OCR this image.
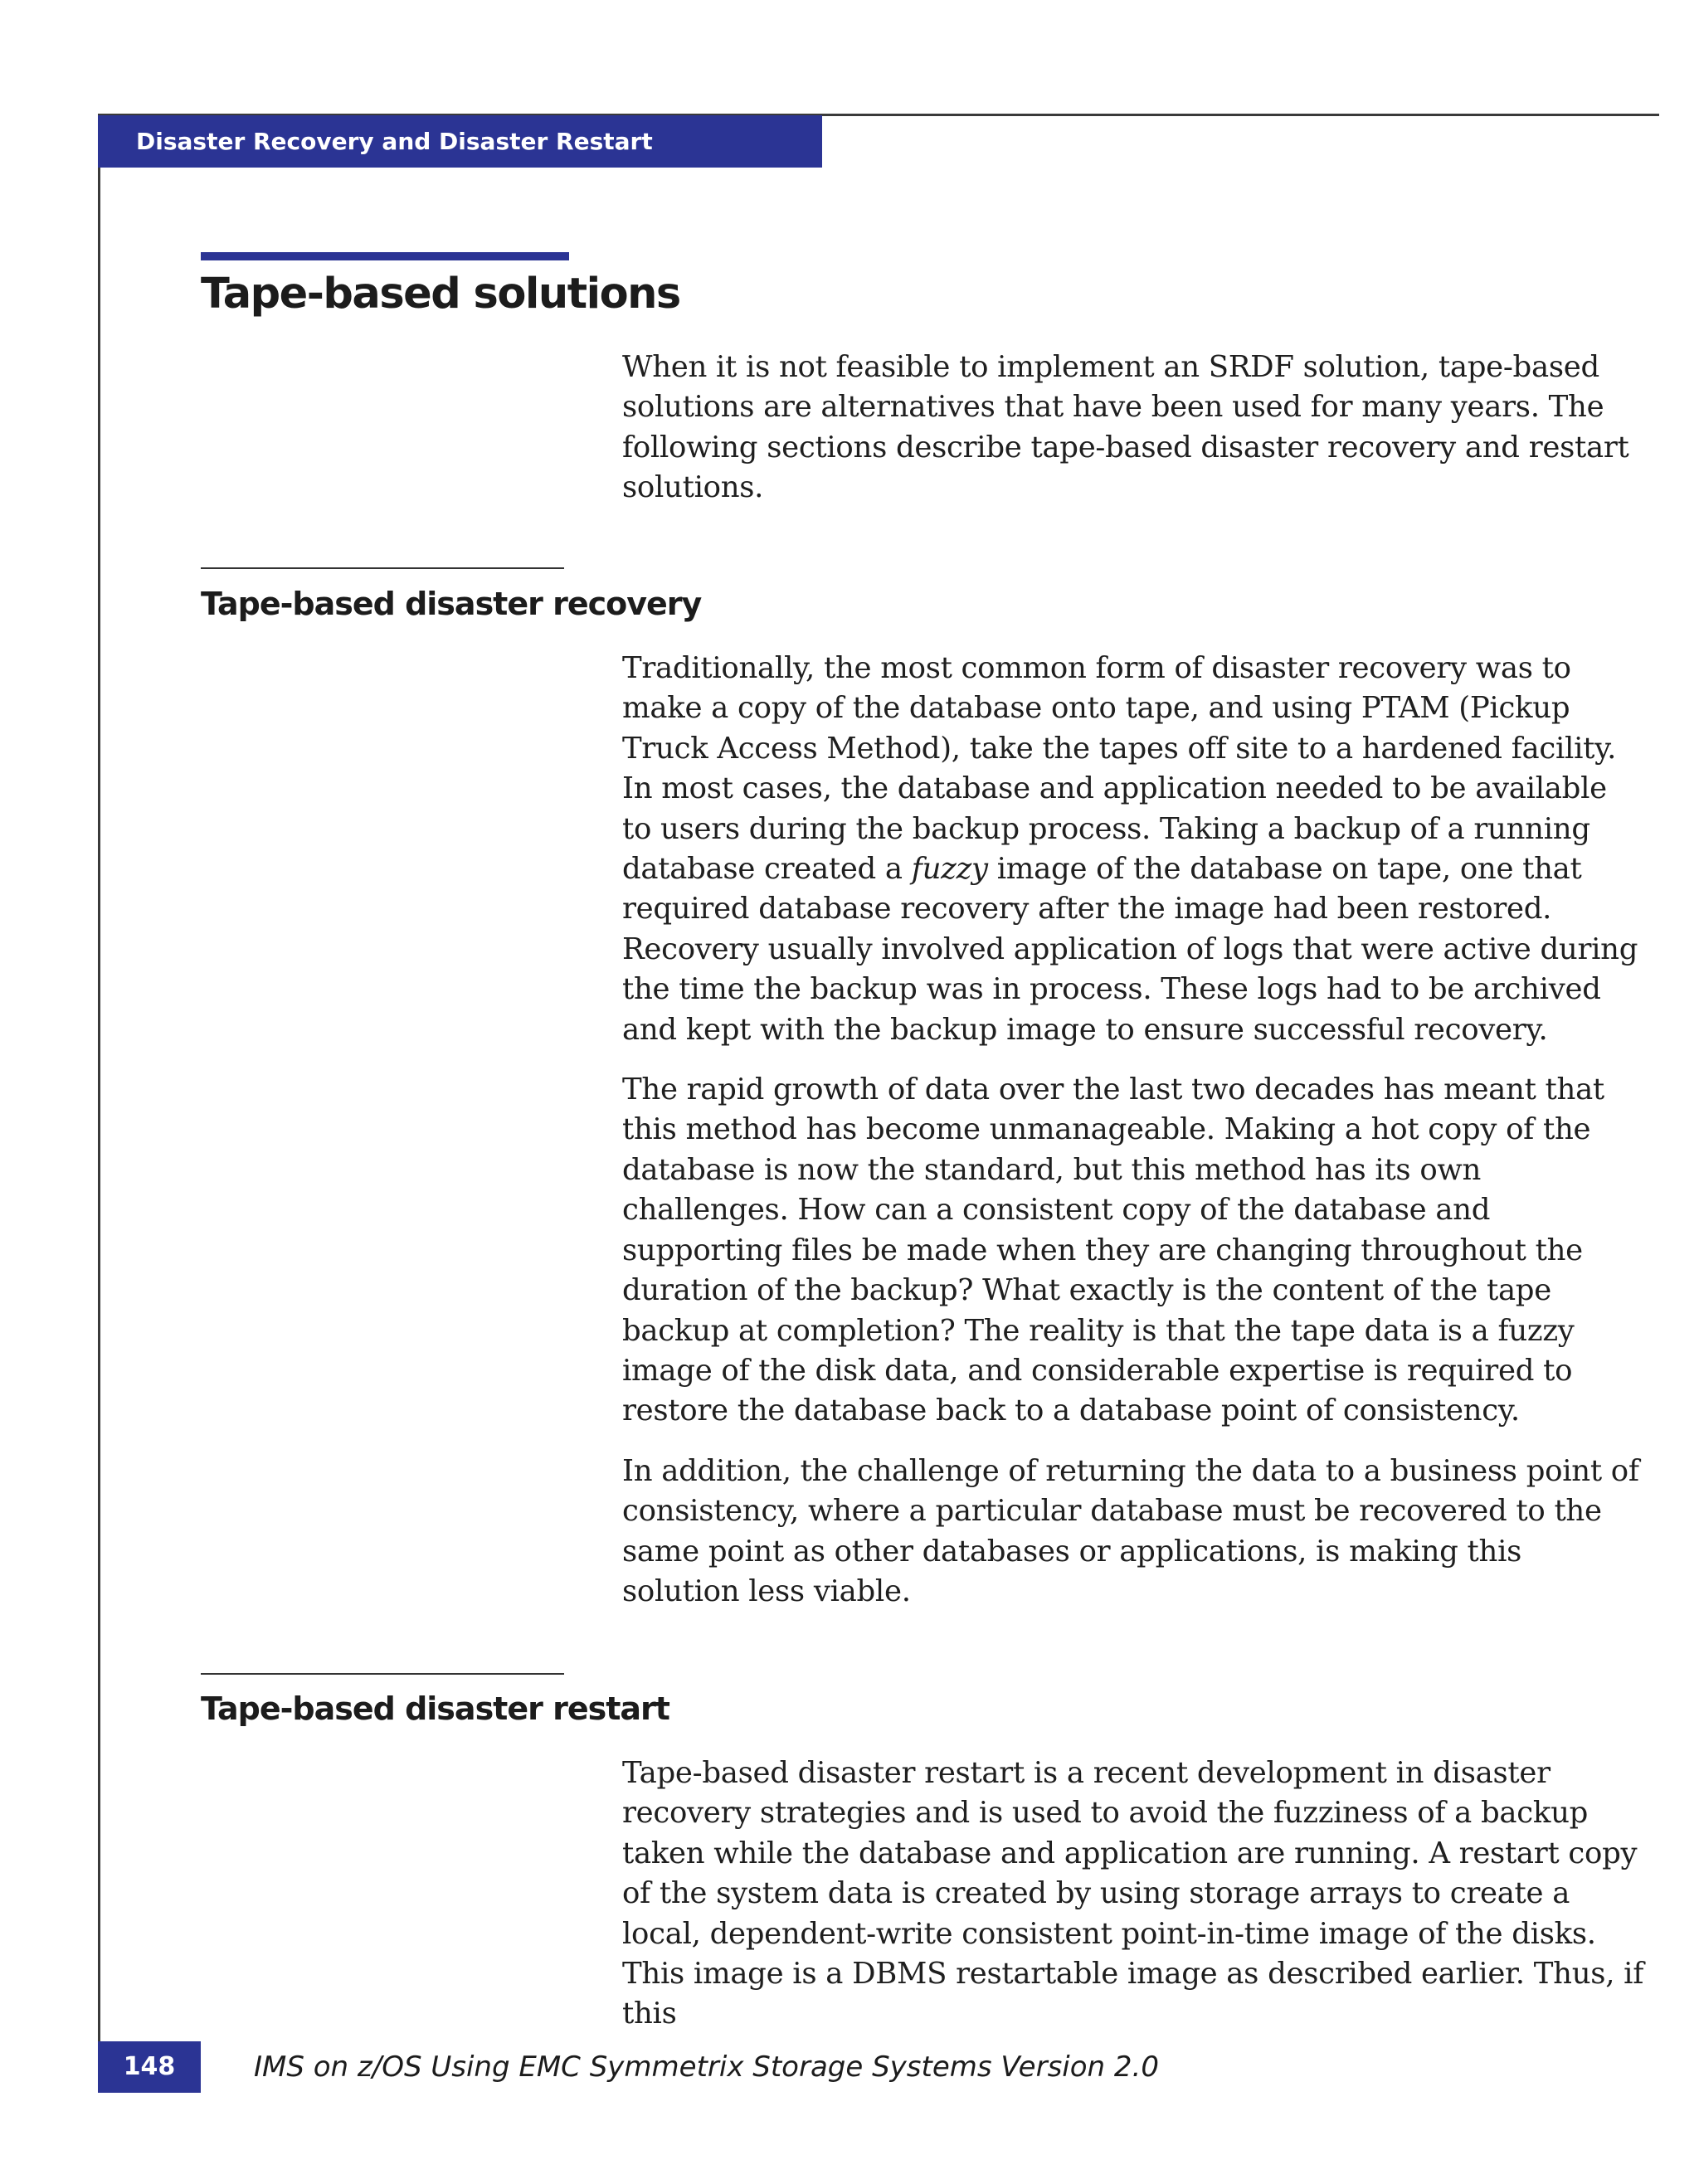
Disaster Recovery and Disaster Restart
Tape-based solutions

When it is not feasible to implement an SRDF solution, tape-based solutions are alternatives that have been used for many years. The following sections describe tape-based disaster recovery and restart solutions.

Tape-based disaster recovery

Traditionally, the most common form of disaster recovery was to make a copy of the database onto tape, and using PTAM (Pickup Truck Access Method), take the tapes off site to a hardened facility. In most cases, the database and application needed to be available to users during the backup process. Taking a backup of a running database created a fuzzy image of the database on tape, one that required database recovery after the image had been restored. Recovery usually involved application of logs that were active during the time the backup was in process. These logs had to be archived and kept with the backup image to ensure successful recovery.

The rapid growth of data over the last two decades has meant that this method has become unmanageable. Making a hot copy of the database is now the standard, but this method has its own challenges. How can a consistent copy of the database and supporting files be made when they are changing throughout the duration of the backup? What exactly is the content of the tape backup at completion? The reality is that the tape data is a fuzzy image of the disk data, and considerable expertise is required to restore the database back to a database point of consistency.

In addition, the challenge of returning the data to a business point of consistency, where a particular database must be recovered to the same point as other databases or applications, is making this solution less viable.

Tape-based disaster restart

Tape-based disaster restart is a recent development in disaster recovery strategies and is used to avoid the fuzziness of a backup taken while the database and application are running. A restart copy of the system data is created by using storage arrays to create a local, dependent-write consistent point-in-time image of the disks. This image is a DBMS restartable image as described earlier. Thus, if this

148	IMS on z/OS Using EMC Symmetrix Storage Systems Version 2.0
